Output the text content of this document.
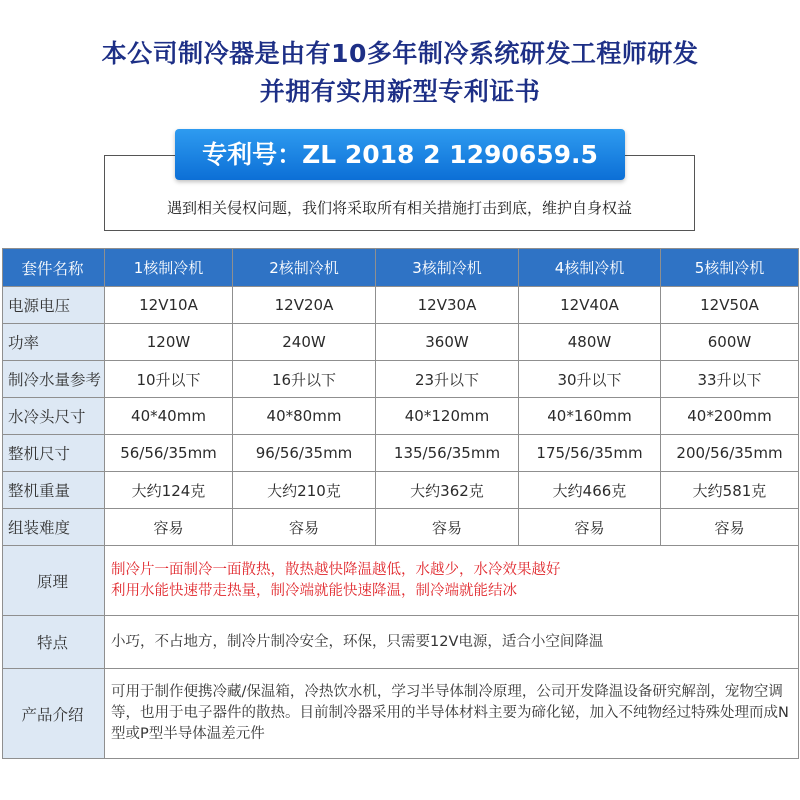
本公司制冷器是由有10多年制冷系统研发工程师研发
并拥有实用新型专利证书
专利号：ZL 2018 2 1290659.5
遇到相关侵权问题，我们将采取所有相关措施打击到底，维护自身权益
套件名称	1核制冷机	2核制冷机	3核制冷机	4核制冷机	5核制冷机
电源电压	12V10A	12V20A	12V30A	12V40A	12V50A
功率	120W	240W	360W	480W	600W
制冷水量参考	10升以下	16升以下	23升以下	30升以下	33升以下
水冷头尺寸	40*40mm	40*80mm	40*120mm	40*160mm	40*200mm
整机尺寸	56/56/35mm	96/56/35mm	135/56/35mm	175/56/35mm	200/56/35mm
整机重量	大约124克	大约210克	大约362克	大约466克	大约581克
组装难度	容易	容易	容易	容易	容易
原理	制冷片一面制冷一面散热，散热越快降温越低，水越少，水冷效果越好
利用水能快速带走热量，制冷端就能快速降温，制冷端就能结冰				

特点	小巧，不占地方，制冷片制冷安全，环保，只需要12V电源，适合小空间降温				
产品介绍	可用于制作便携冷藏/保温箱，冷热饮水机，学习半导体制冷原理，公司开发降温设备研究解剖，宠物空调等，也用于电子器件的散热。目前制冷器采用的半导体材料主要为碲化铋，加入不纯物经过特殊处理而成N型或P型半导体温差元件				
